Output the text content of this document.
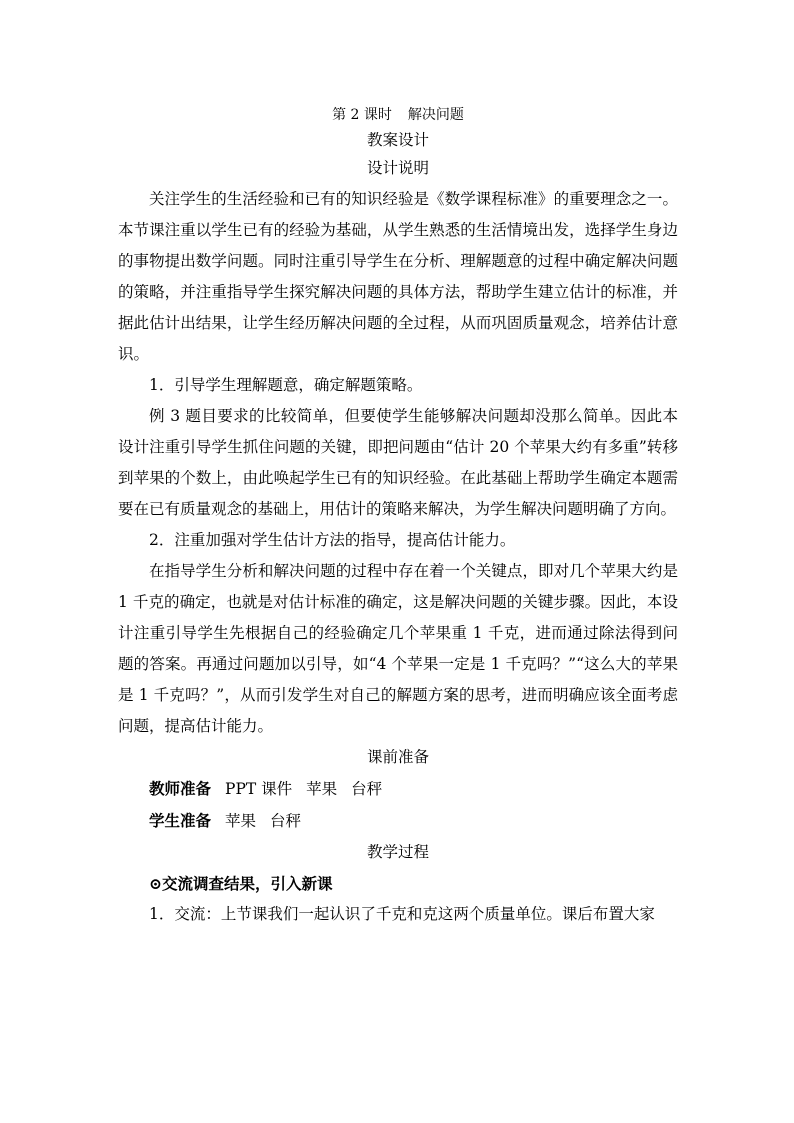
第 2 课时 解决问题
教案设计
设计说明

关注学生的生活经验和已有的知识经验是《数学课程标准》的重要理念之一。本节课注重以学生已有的经验为基础，从学生熟悉的生活情境出发，选择学生身边的事物提出数学问题。同时注重引导学生在分析、理解题意的过程中确定解决问题的策略，并注重指导学生探究解决问题的具体方法，帮助学生建立估计的标准，并据此估计出结果，让学生经历解决问题的全过程，从而巩固质量观念，培养估计意识。

1．引导学生理解题意，确定解题策略。

例 3 题目要求的比较简单，但要使学生能够解决问题却没那么简单。因此本设计注重引导学生抓住问题的关键，即把问题由“估计 20 个苹果大约有多重”转移到苹果的个数上，由此唤起学生已有的知识经验。在此基础上帮助学生确定本题需要在已有质量观念的基础上，用估计的策略来解决，为学生解决问题明确了方向。

2．注重加强对学生估计方法的指导，提高估计能力。

在指导学生分析和解决问题的过程中存在着一个关键点，即对几个苹果大约是 1 千克的确定，也就是对估计标准的确定，这是解决问题的关键步骤。因此，本设计注重引导学生先根据自己的经验确定几个苹果重 1 千克，进而通过除法得到问题的答案。再通过问题加以引导，如“4 个苹果一定是 1 千克吗？”“这么大的苹果是 1 千克吗？”，从而引发学生对自己的解题方案的思考，进而明确应该全面考虑问题，提高估计能力。

课前准备

教师准备 PPT 课件 苹果 台秤

学生准备 苹果 台秤

教学过程

⊙交流调查结果，引入新课

1．交流：上节课我们一起认识了千克和克这两个质量单位。课后布置大家
